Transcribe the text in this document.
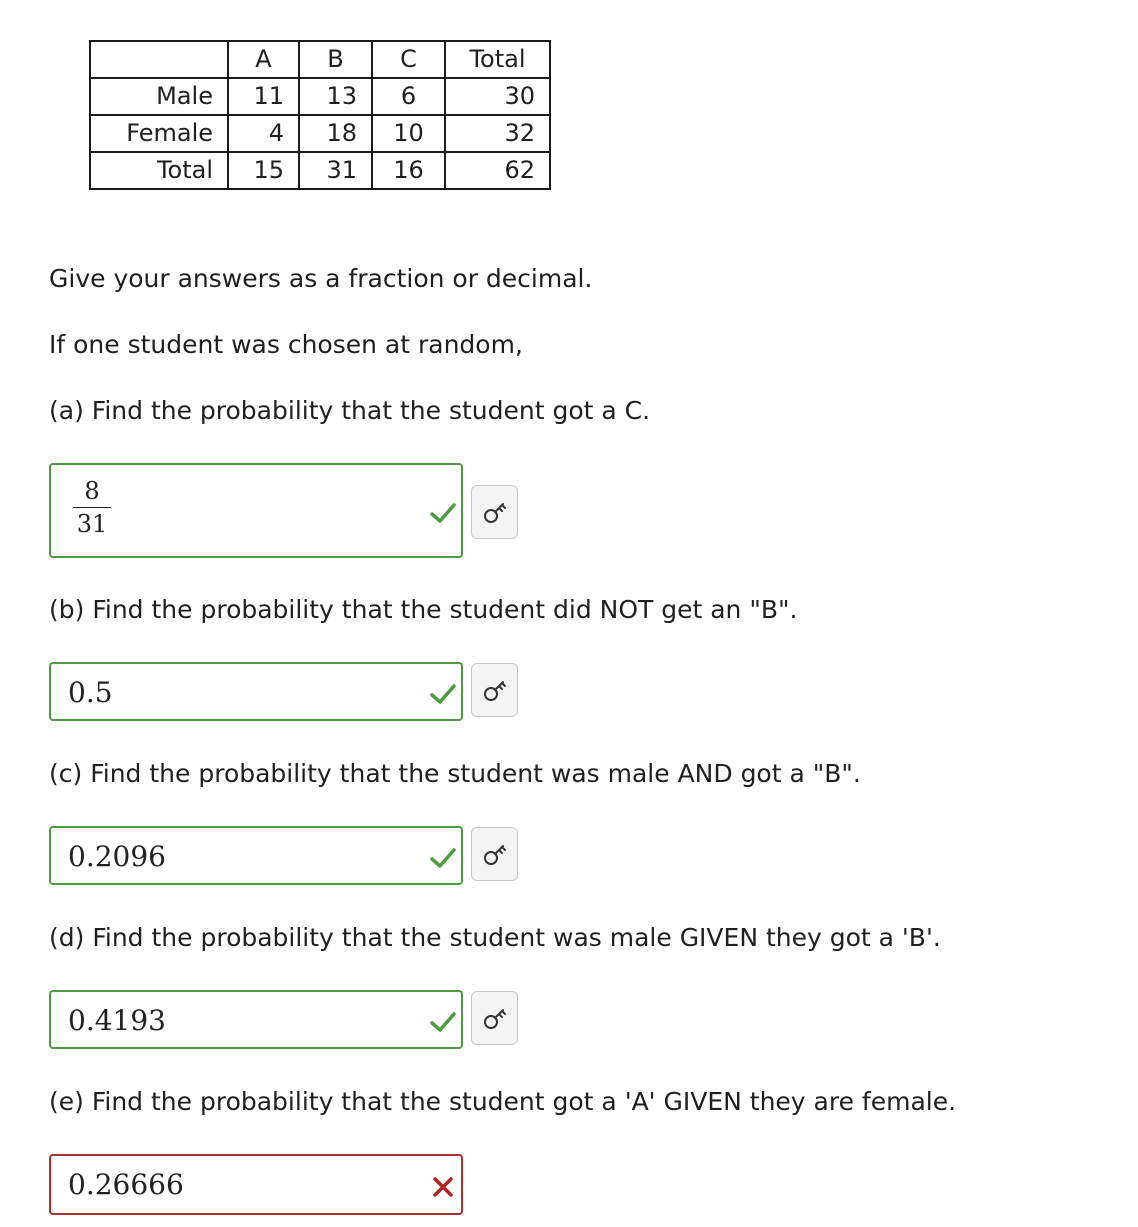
	A	B	C	Total
Male	11	13	6	30
Female	4	18	10	32
Total	15	31	16	62
Give your answers as a fraction or decimal.
If one student was chosen at random,
(a) Find the probability that the student got a C.
$\frac{8}{31}$
(b) Find the probability that the student did NOT get an "B".
0.5
(c) Find the probability that the student was male AND got a "B".
0.2096
(d) Find the probability that the student was male GIVEN they got a 'B'.
0.4193
(e) Find the probability that the student got a 'A' GIVEN they are female.
0.26666
